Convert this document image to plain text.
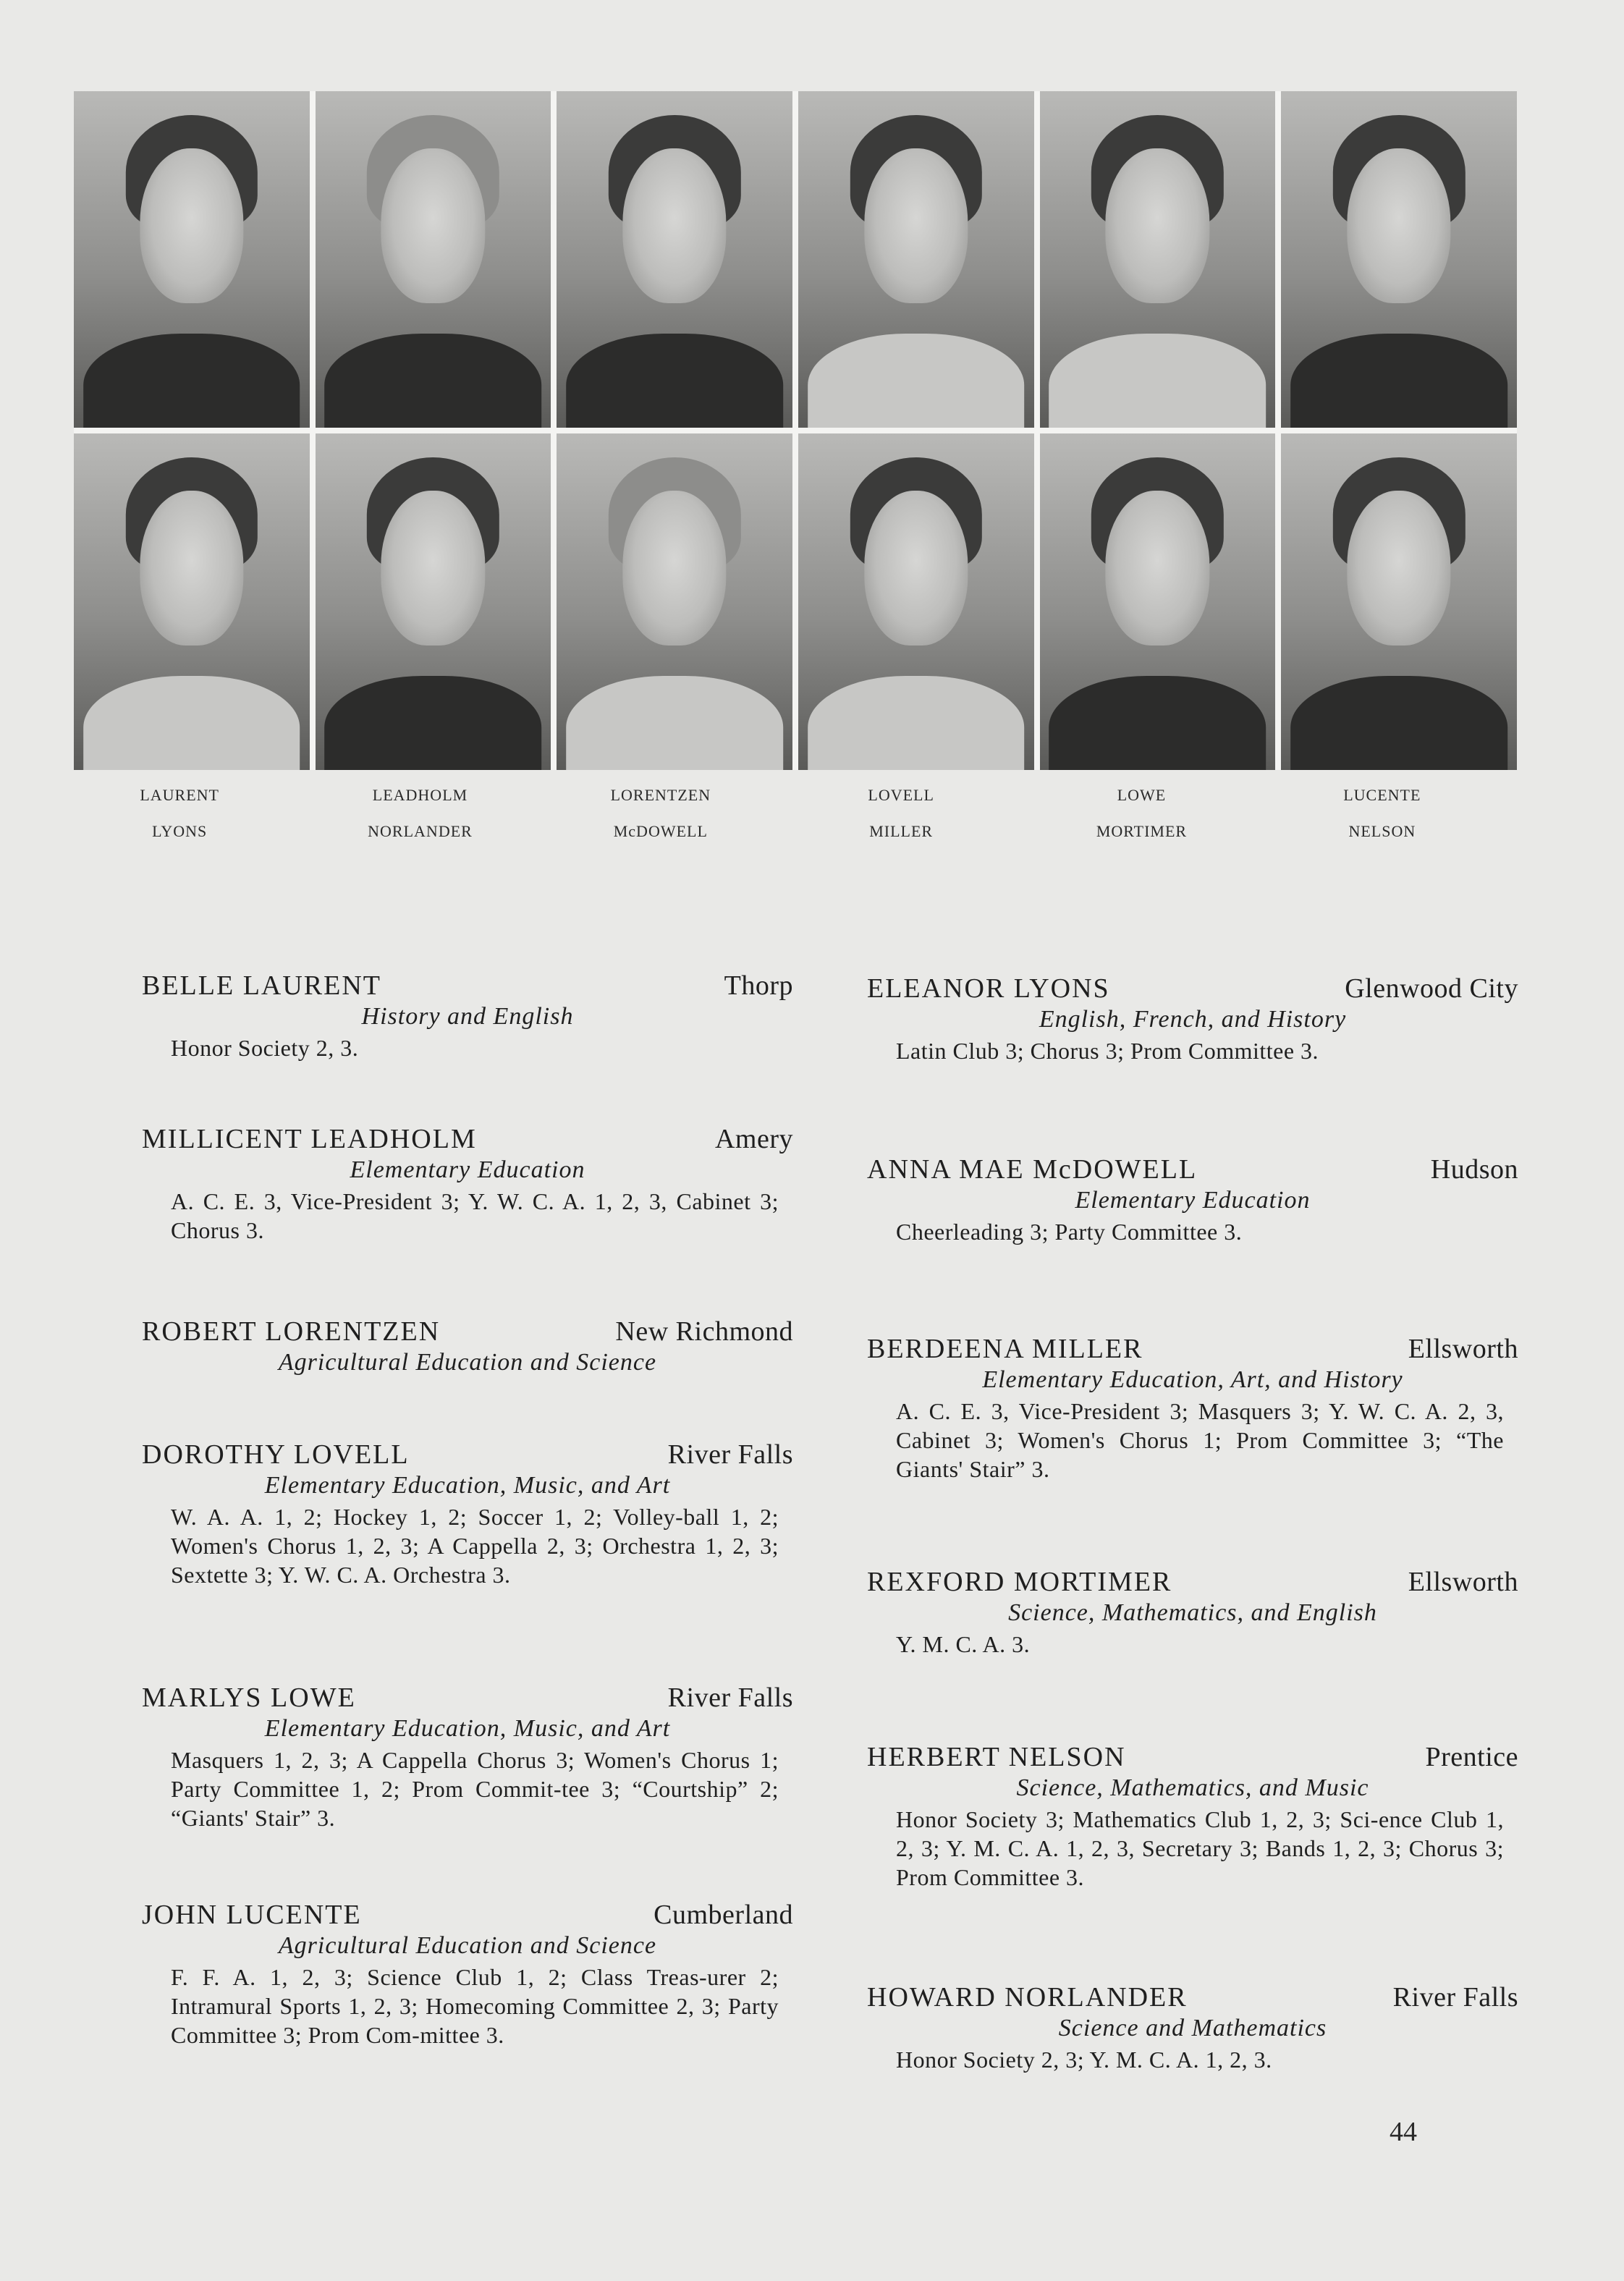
LAURENT	LEADHOLM	LORENTZEN	LOVELL	LOWE	LUCENTE
LYONS	NORLANDER	McDOWELL	MILLER	MORTIMER	NELSON
BELLE LAURENT	Thorp
History and English
Honor Society 2, 3.
MILLICENT LEADHOLM	Amery
Elementary Education
A. C. E. 3, Vice-President 3; Y. W. C. A. 1, 2, 3, Cabinet 3; Chorus 3.
ROBERT LORENTZEN	New Richmond
Agricultural Education and Science
DOROTHY LOVELL	River Falls
Elementary Education, Music, and Art
W. A. A. 1, 2; Hockey 1, 2; Soccer 1, 2; Volley-ball 1, 2; Women's Chorus 1, 2, 3; A Cappella 2, 3; Orchestra 1, 2, 3; Sextette 3; Y. W. C. A. Orchestra 3.
MARLYS LOWE	River Falls
Elementary Education, Music, and Art
Masquers 1, 2, 3; A Cappella Chorus 3; Women's Chorus 1; Party Committee 1, 2; Prom Commit-tee 3; “Courtship” 2; “Giants' Stair” 3.
JOHN LUCENTE	Cumberland
Agricultural Education and Science
F. F. A. 1, 2, 3; Science Club 1, 2; Class Treas-urer 2; Intramural Sports 1, 2, 3; Homecoming Committee 2, 3; Party Committee 3; Prom Com-mittee 3.
ELEANOR LYONS	Glenwood City
English, French, and History
Latin Club 3; Chorus 3; Prom Committee 3.
ANNA MAE McDOWELL	Hudson
Elementary Education
Cheerleading 3; Party Committee 3.
BERDEENA MILLER	Ellsworth
Elementary Education, Art, and History
A. C. E. 3, Vice-President 3; Masquers 3; Y. W. C. A. 2, 3, Cabinet 3; Women's Chorus 1; Prom Committee 3; “The Giants' Stair” 3.
REXFORD MORTIMER	Ellsworth
Science, Mathematics, and English
Y. M. C. A. 3.
HERBERT NELSON	Prentice
Science, Mathematics, and Music
Honor Society 3; Mathematics Club 1, 2, 3; Sci-ence Club 1, 2, 3; Y. M. C. A. 1, 2, 3, Secretary 3; Bands 1, 2, 3; Chorus 3; Prom Committee 3.
HOWARD NORLANDER	River Falls
Science and Mathematics
Honor Society 2, 3; Y. M. C. A. 1, 2, 3.
44
